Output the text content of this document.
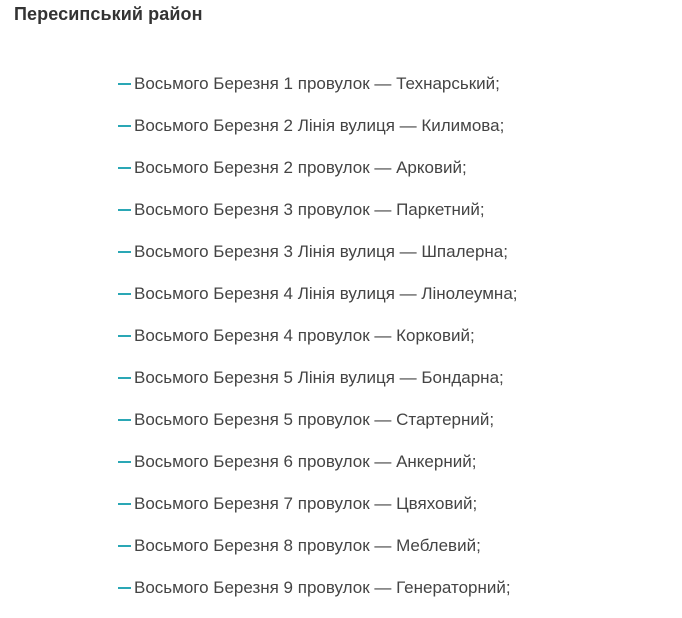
Пересипський район
Восьмого Березня 1 провулок — Технарський;
Восьмого Березня 2 Лінія вулиця — Килимова;
Восьмого Березня 2 провулок — Арковий;
Восьмого Березня 3 провулок — Паркетний;
Восьмого Березня 3 Лінія вулиця — Шпалерна;
Восьмого Березня 4 Лінія вулиця — Лінолеумна;
Восьмого Березня 4 провулок — Корковий;
Восьмого Березня 5 Лінія вулиця — Бондарна;
Восьмого Березня 5 провулок — Стартерний;
Восьмого Березня 6 провулок — Анкерний;
Восьмого Березня 7 провулок — Цвяховий;
Восьмого Березня 8 провулок — Меблевий;
Восьмого Березня 9 провулок — Генераторний;
